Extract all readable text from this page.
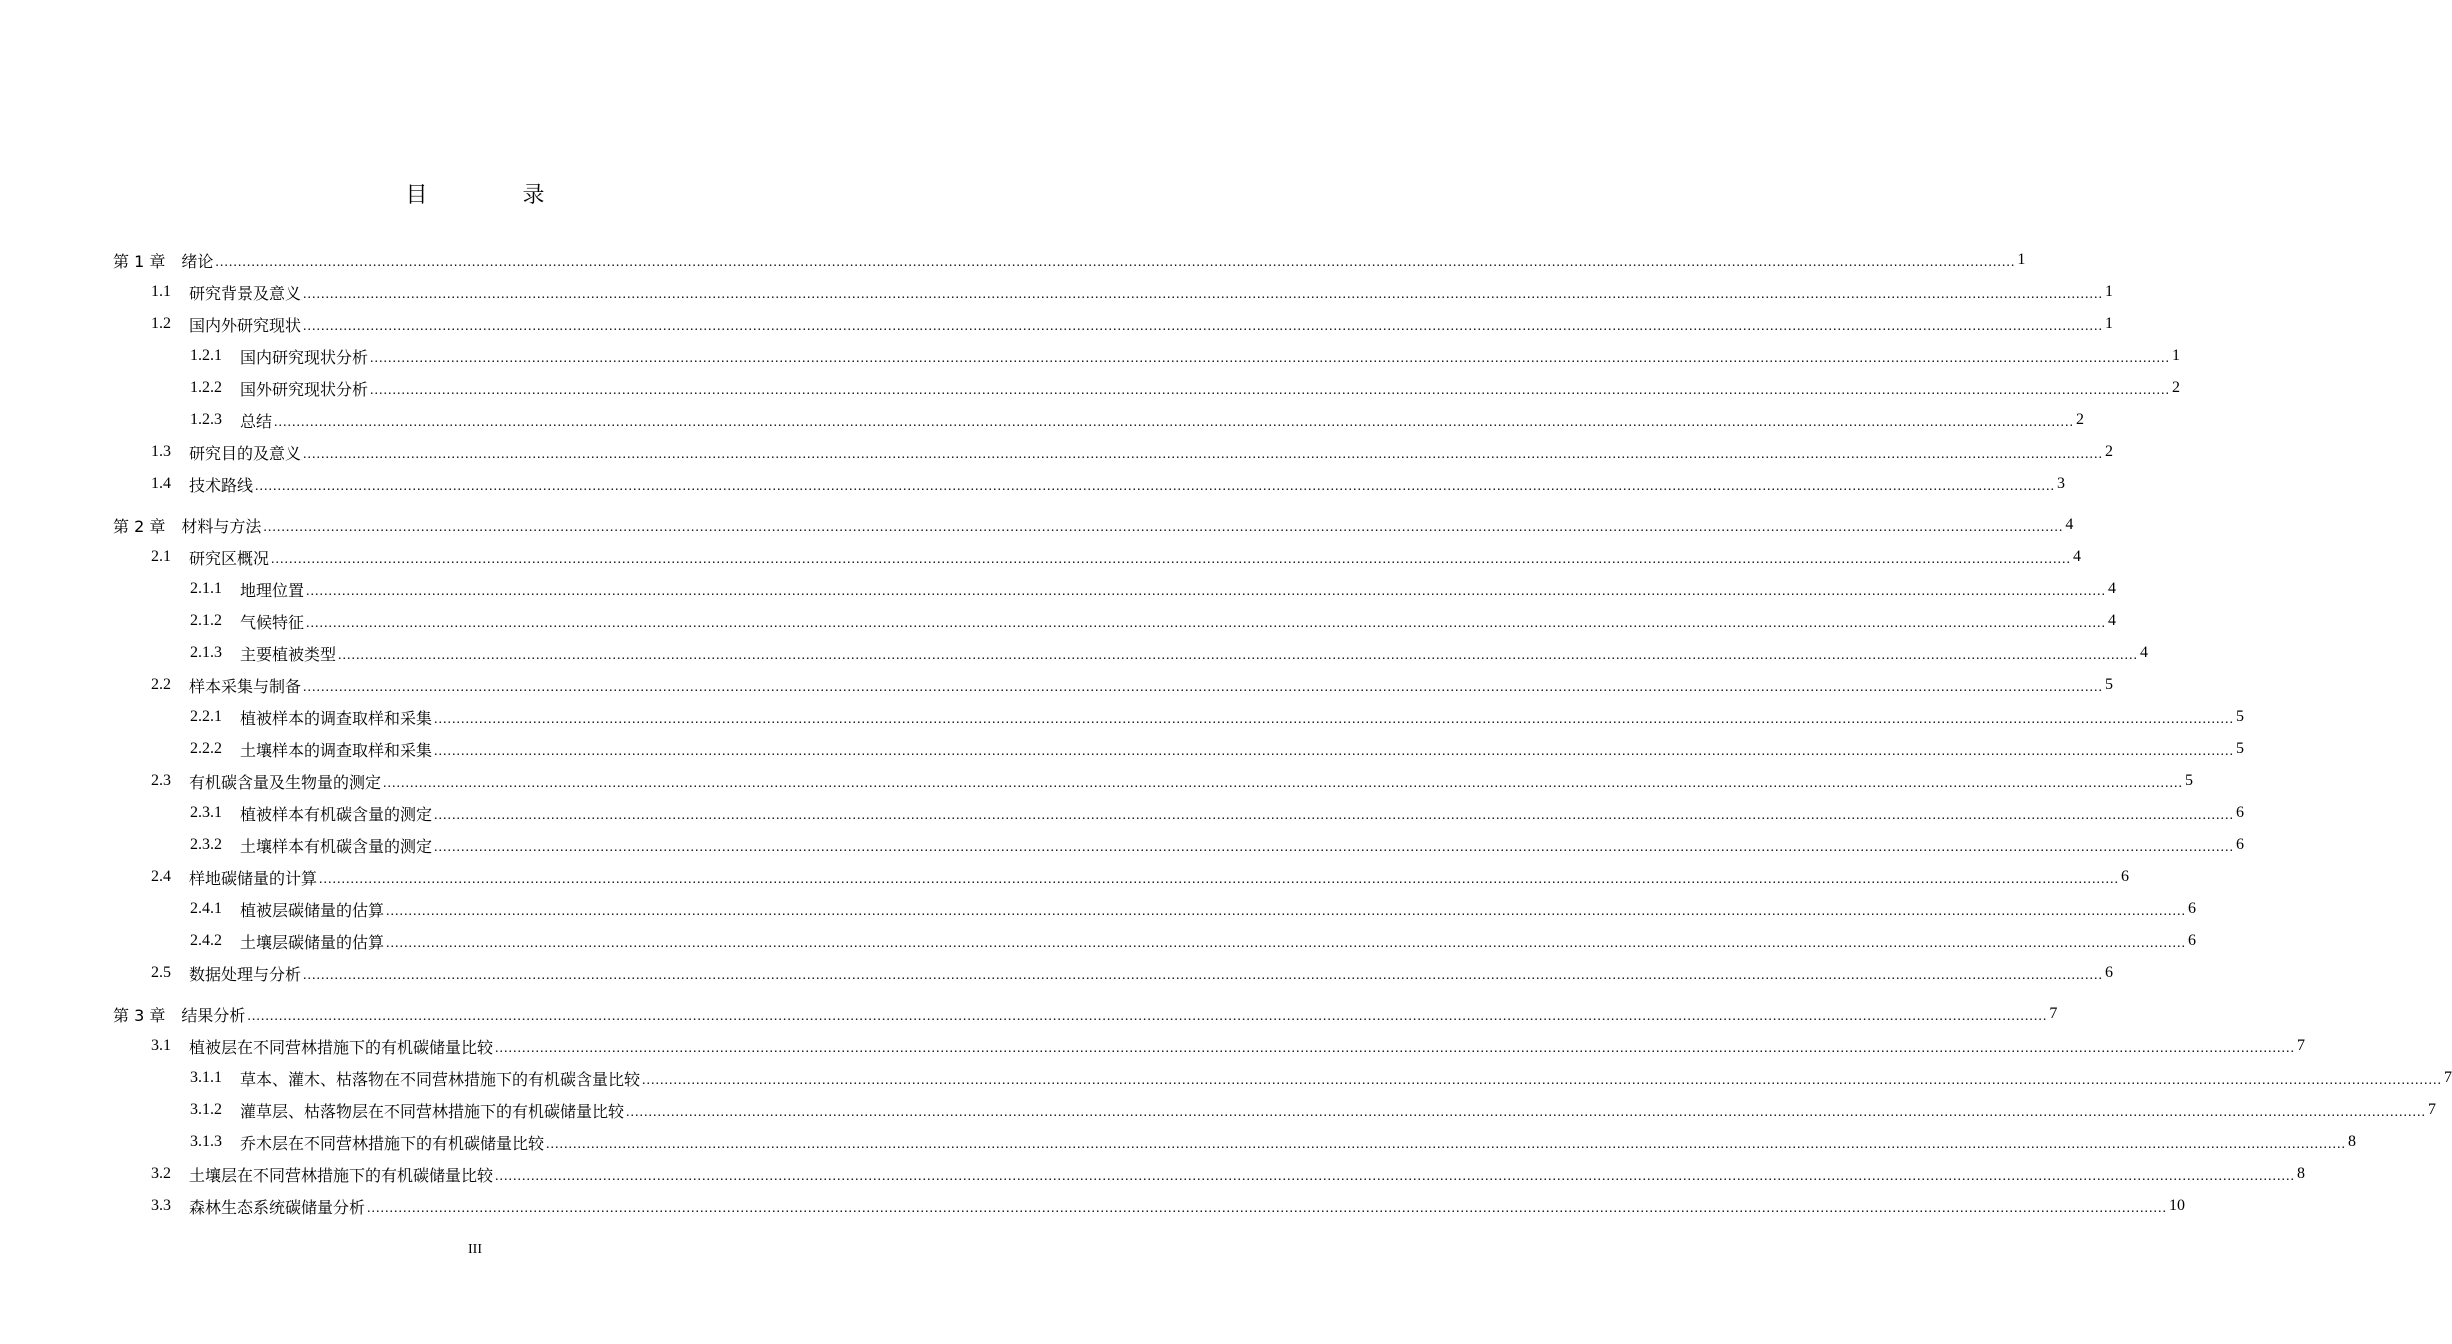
目 录
第 1 章 绪论 ................................................................................................................................................................................................................................................................................................................................................................................................................ 1
1.1 研究背景及意义 ................................................................................................................................................................................................................................................................................................................................................................................................................ 1
1.2 国内外研究现状 ................................................................................................................................................................................................................................................................................................................................................................................................................ 1
1.2.1 国内研究现状分析 ................................................................................................................................................................................................................................................................................................................................................................................................................ 1
1.2.2 国外研究现状分析 ................................................................................................................................................................................................................................................................................................................................................................................................................ 2
1.2.3 总结 ................................................................................................................................................................................................................................................................................................................................................................................................................ 2
1.3 研究目的及意义 ................................................................................................................................................................................................................................................................................................................................................................................................................ 2
1.4 技术路线 ................................................................................................................................................................................................................................................................................................................................................................................................................ 3
第 2 章 材料与方法 ................................................................................................................................................................................................................................................................................................................................................................................................................ 4
2.1 研究区概况 ................................................................................................................................................................................................................................................................................................................................................................................................................ 4
2.1.1 地理位置 ................................................................................................................................................................................................................................................................................................................................................................................................................ 4
2.1.2 气候特征 ................................................................................................................................................................................................................................................................................................................................................................................................................ 4
2.1.3 主要植被类型 ................................................................................................................................................................................................................................................................................................................................................................................................................ 4
2.2 样本采集与制备 ................................................................................................................................................................................................................................................................................................................................................................................................................ 5
2.2.1 植被样本的调查取样和采集 ................................................................................................................................................................................................................................................................................................................................................................................................................ 5
2.2.2 土壤样本的调查取样和采集 ................................................................................................................................................................................................................................................................................................................................................................................................................ 5
2.3 有机碳含量及生物量的测定 ................................................................................................................................................................................................................................................................................................................................................................................................................ 5
2.3.1 植被样本有机碳含量的测定 ................................................................................................................................................................................................................................................................................................................................................................................................................ 6
2.3.2 土壤样本有机碳含量的测定 ................................................................................................................................................................................................................................................................................................................................................................................................................ 6
2.4 样地碳储量的计算 ................................................................................................................................................................................................................................................................................................................................................................................................................ 6
2.4.1 植被层碳储量的估算 ................................................................................................................................................................................................................................................................................................................................................................................................................ 6
2.4.2 土壤层碳储量的估算 ................................................................................................................................................................................................................................................................................................................................................................................................................ 6
2.5 数据处理与分析 ................................................................................................................................................................................................................................................................................................................................................................................................................ 6
第 3 章 结果分析 ................................................................................................................................................................................................................................................................................................................................................................................................................ 7
3.1 植被层在不同营林措施下的有机碳储量比较 ................................................................................................................................................................................................................................................................................................................................................................................................................ 7
3.1.1 草本、灌木、枯落物在不同营林措施下的有机碳含量比较 ................................................................................................................................................................................................................................................................................................................................................................................................................ 7
3.1.2 灌草层、枯落物层在不同营林措施下的有机碳储量比较 ................................................................................................................................................................................................................................................................................................................................................................................................................ 7
3.1.3 乔木层在不同营林措施下的有机碳储量比较 ................................................................................................................................................................................................................................................................................................................................................................................................................ 8
3.2 土壤层在不同营林措施下的有机碳储量比较 ................................................................................................................................................................................................................................................................................................................................................................................................................ 8
3.3 森林生态系统碳储量分析 ................................................................................................................................................................................................................................................................................................................................................................................................................ 10
III
